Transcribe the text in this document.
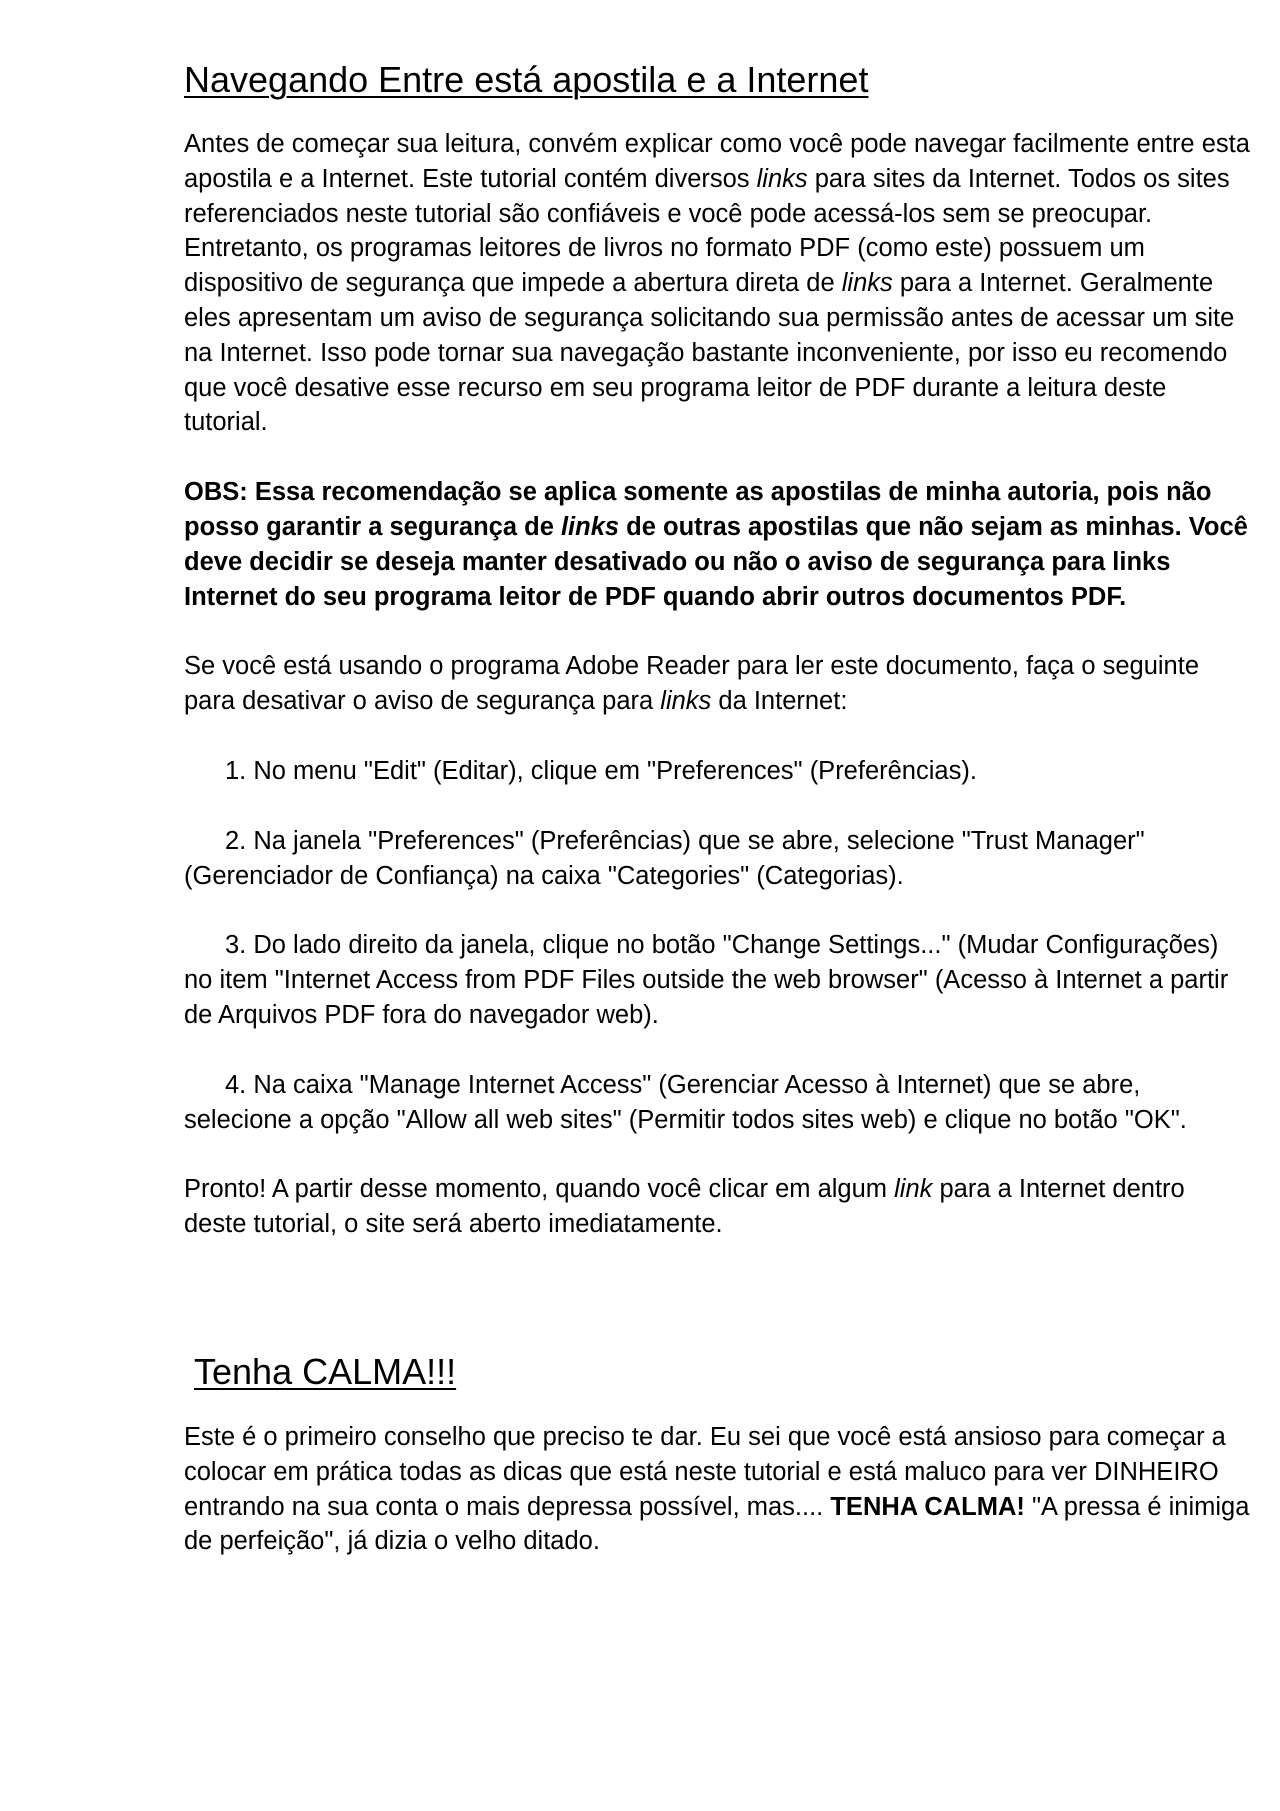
Navegando Entre está apostila e a Internet

Antes de começar sua leitura, convém explicar como você pode navegar facilmente entre esta apostila e a Internet. Este tutorial contém diversos links para sites da Internet. Todos os sites referenciados neste tutorial são confiáveis e você pode acessá-los sem se preocupar. Entretanto, os programas leitores de livros no formato PDF (como este) possuem um dispositivo de segurança que impede a abertura direta de links para a Internet. Geralmente eles apresentam um aviso de segurança solicitando sua permissão antes de acessar um site na Internet. Isso pode tornar sua navegação bastante inconveniente, por isso eu recomendo que você desative esse recurso em seu programa leitor de PDF durante a leitura deste tutorial.

OBS: Essa recomendação se aplica somente as apostilas de minha autoria, pois não posso garantir a segurança de links de outras apostilas que não sejam as minhas. Você deve decidir se deseja manter desativado ou não o aviso de segurança para links Internet do seu programa leitor de PDF quando abrir outros documentos PDF.

Se você está usando o programa Adobe Reader para ler este documento, faça o seguinte para desativar o aviso de segurança para links da Internet:

1. No menu "Edit" (Editar), clique em "Preferences" (Preferências).

2. Na janela "Preferences" (Preferências) que se abre, selecione "Trust Manager" (Gerenciador de Confiança) na caixa "Categories" (Categorias).

3. Do lado direito da janela, clique no botão "Change Settings..." (Mudar Configurações) no item "Internet Access from PDF Files outside the web browser" (Acesso à Internet a partir de Arquivos PDF fora do navegador web).

4. Na caixa "Manage Internet Access" (Gerenciar Acesso à Internet) que se abre, selecione a opção "Allow all web sites" (Permitir todos sites web) e clique no botão "OK".

Pronto! A partir desse momento, quando você clicar em algum link para a Internet dentro deste tutorial, o site será aberto imediatamente.

Tenha CALMA!!!

Este é o primeiro conselho que preciso te dar. Eu sei que você está ansioso para começar a colocar em prática todas as dicas que está neste tutorial e está maluco para ver DINHEIRO entrando na sua conta o mais depressa possível, mas.... TENHA CALMA! "A pressa é inimiga de perfeição", já dizia o velho ditado.
